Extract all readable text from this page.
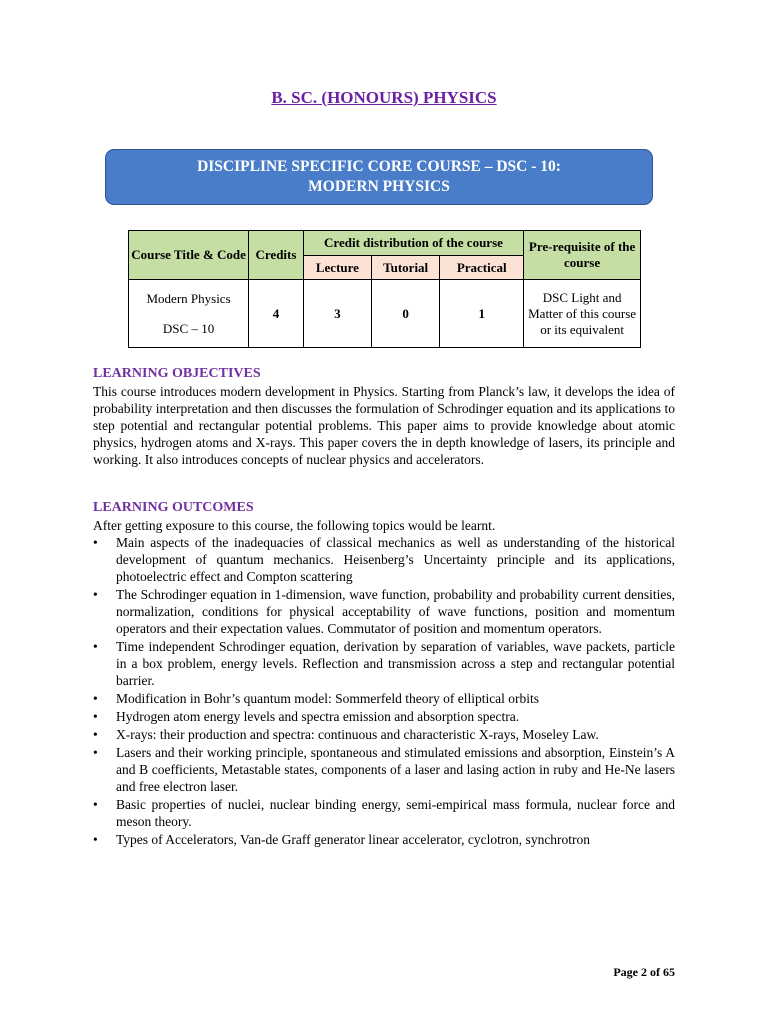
B. SC. (HONOURS) PHYSICS
DISCIPLINE SPECIFIC CORE COURSE – DSC - 10:
MODERN PHYSICS
Course Title & Code	Credits	Credit distribution of the course			Pre-requisite of the course
		Lecture	Tutorial	Practical	

Modern Physics
DSC – 10	4	3	0	1	DSC Light and Matter of this course or its equivalent
LEARNING OBJECTIVES
This course introduces modern development in Physics. Starting from Planck’s law, it develops the idea of probability interpretation and then discusses the formulation of Schrodinger equation and its applications to step potential and rectangular potential problems. This paper aims to provide knowledge about atomic physics, hydrogen atoms and X-rays. This paper covers the in depth knowledge of lasers, its principle and working. It also introduces concepts of nuclear physics and accelerators.
LEARNING OUTCOMES
After getting exposure to this course, the following topics would be learnt.
• Main aspects of the inadequacies of classical mechanics as well as understanding of the historical development of quantum mechanics. Heisenberg’s Uncertainty principle and its applications, photoelectric effect and Compton scattering
• The Schrodinger equation in 1-dimension, wave function, probability and probability current densities, normalization, conditions for physical acceptability of wave functions, position and momentum operators and their expectation values. Commutator of position and momentum operators.
• Time independent Schrodinger equation, derivation by separation of variables, wave packets, particle in a box problem, energy levels. Reflection and transmission across a step and rectangular potential barrier.
• Modification in Bohr’s quantum model: Sommerfeld theory of elliptical orbits
• Hydrogen atom energy levels and spectra emission and absorption spectra.
• X-rays: their production and spectra: continuous and characteristic X-rays, Moseley Law.
• Lasers and their working principle, spontaneous and stimulated emissions and absorption, Einstein’s A and B coefficients, Metastable states, components of a laser and lasing action in ruby and He-Ne lasers and free electron laser.
• Basic properties of nuclei, nuclear binding energy, semi-empirical mass formula, nuclear force and meson theory.
• Types of Accelerators, Van-de Graff generator linear accelerator, cyclotron, synchrotron
Page 2 of 65
